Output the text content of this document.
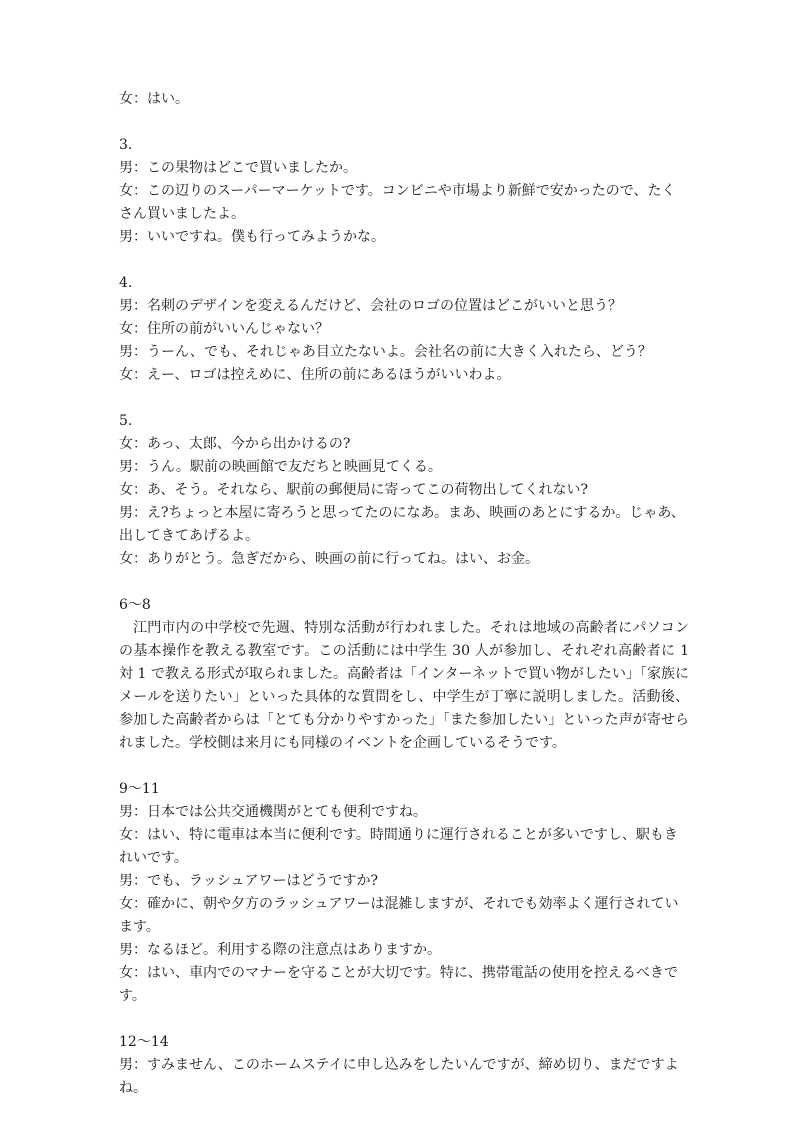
女：はい。

3.

男：この果物はどこで買いましたか。

女：この辺りのスーパーマーケットです。コンビニや市場より新鮮で安かったので、たくさん買いましたよ。

男：いいですね。僕も行ってみようかな。

4.

男：名刺のデザインを変えるんだけど、会社のロゴの位置はどこがいいと思う？

女：住所の前がいいんじゃない？

男：うーん、でも、それじゃあ目立たないよ。会社名の前に大きく入れたら、どう？

女：えー、ロゴは控えめに、住所の前にあるほうがいいわよ。

5.

女：あっ、太郎、今から出かけるの?

男：うん。駅前の映画館で友だちと映画見てくる。

女：あ、そう。それなら、駅前の郵便局に寄ってこの荷物出してくれない?

男：え?ちょっと本屋に寄ろうと思ってたのになあ。まあ、映画のあとにするか。じゃあ、出してきてあげるよ。

女：ありがとう。急ぎだから、映画の前に行ってね。はい、お金。

6～8

江門市内の中学校で先週、特別な活動が行われました。それは地域の高齢者にパソコンの基本操作を教える教室です。この活動には中学生 30 人が参加し、それぞれ高齢者に 1 対 1 で教える形式が取られました。高齢者は「インターネットで買い物がしたい」「家族にメールを送りたい」といった具体的な質問をし、中学生が丁寧に説明しました。活動後、参加した高齢者からは「とても分かりやすかった」「また参加したい」といった声が寄せられました。学校側は来月にも同様のイベントを企画しているそうです。

9～11

男：日本では公共交通機関がとても便利ですね。

女：はい、特に電車は本当に便利です。時間通りに運行されることが多いですし、駅もきれいです。

男：でも、ラッシュアワーはどうですか?

女：確かに、朝や夕方のラッシュアワーは混雑しますが、それでも効率よく運行されています。

男：なるほど。利用する際の注意点はありますか。

女：はい、車内でのマナーを守ることが大切です。特に、携帯電話の使用を控えるべきです。

12～14

男：すみません、このホームステイに申し込みをしたいんですが、締め切り、まだですよね。
